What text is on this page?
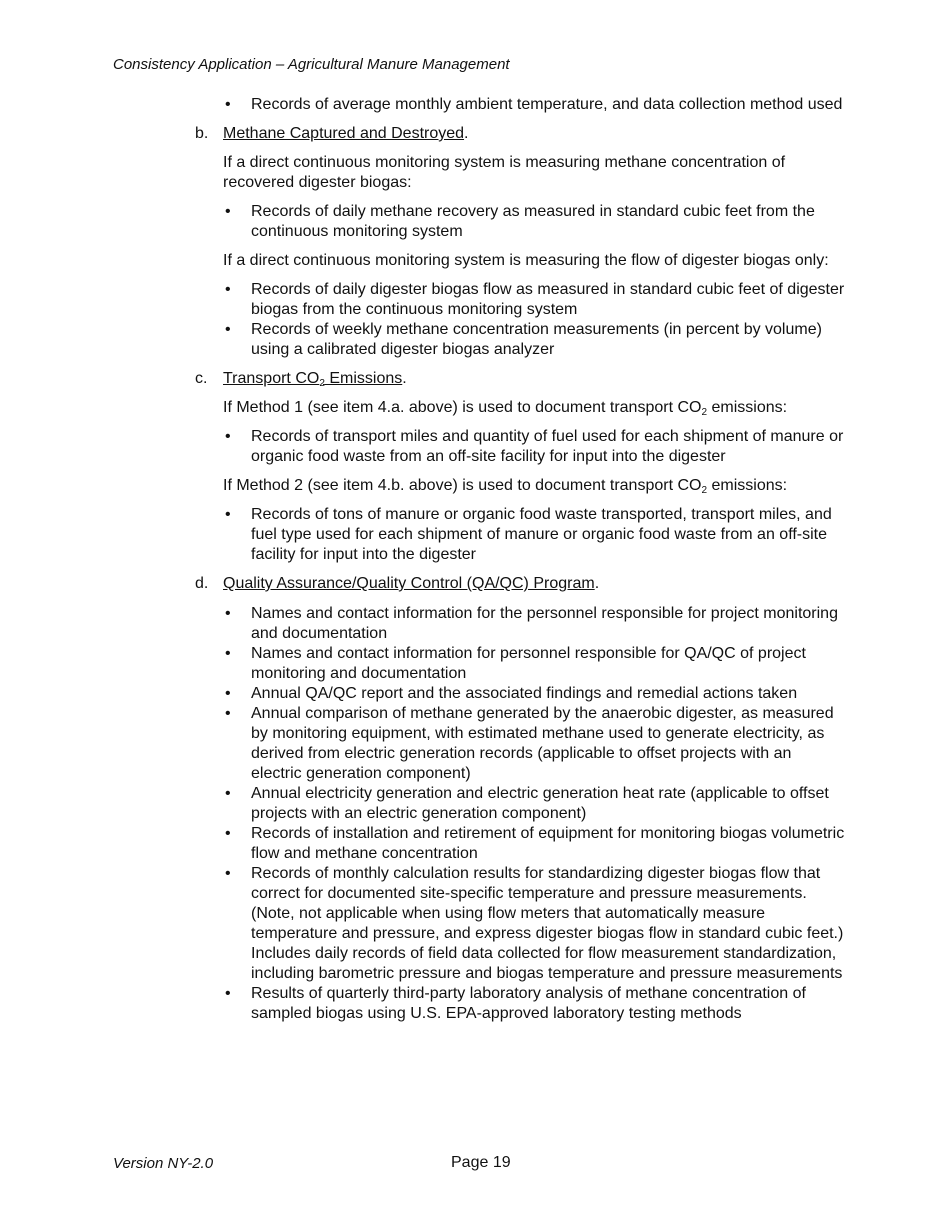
Consistency Application – Agricultural Manure Management
• Records of average monthly ambient temperature, and data collection method used
b. Methane Captured and Destroyed.
If a direct continuous monitoring system is measuring methane concentration of recovered digester biogas:
• Records of daily methane recovery as measured in standard cubic feet from the continuous monitoring system
If a direct continuous monitoring system is measuring the flow of digester biogas only:
• Records of daily digester biogas flow as measured in standard cubic feet of digester biogas from the continuous monitoring system
• Records of weekly methane concentration measurements (in percent by volume) using a calibrated digester biogas analyzer
c. Transport $CO_2$ Emissions.
If Method 1 (see item 4.a. above) is used to document transport $CO_2$ emissions:
• Records of transport miles and quantity of fuel used for each shipment of manure or organic food waste from an off-site facility for input into the digester
If Method 2 (see item 4.b. above) is used to document transport $CO_2$ emissions:
• Records of tons of manure or organic food waste transported, transport miles, and fuel type used for each shipment of manure or organic food waste from an off-site facility for input into the digester
d. Quality Assurance/Quality Control (QA/QC) Program.
• Names and contact information for the personnel responsible for project monitoring and documentation
• Names and contact information for personnel responsible for QA/QC of project monitoring and documentation
• Annual QA/QC report and the associated findings and remedial actions taken
• Annual comparison of methane generated by the anaerobic digester, as measured by monitoring equipment, with estimated methane used to generate electricity, as derived from electric generation records (applicable to offset projects with an electric generation component)
• Annual electricity generation and electric generation heat rate (applicable to offset projects with an electric generation component)
• Records of installation and retirement of equipment for monitoring biogas volumetric flow and methane concentration
• Records of monthly calculation results for standardizing digester biogas flow that correct for documented site-specific temperature and pressure measurements. (Note, not applicable when using flow meters that automatically measure temperature and pressure, and express digester biogas flow in standard cubic feet.) Includes daily records of field data collected for flow measurement standardization, including barometric pressure and biogas temperature and pressure measurements
• Results of quarterly third-party laboratory analysis of methane concentration of sampled biogas using U.S. EPA-approved laboratory testing methods
Version NY-2.0	Page 19
